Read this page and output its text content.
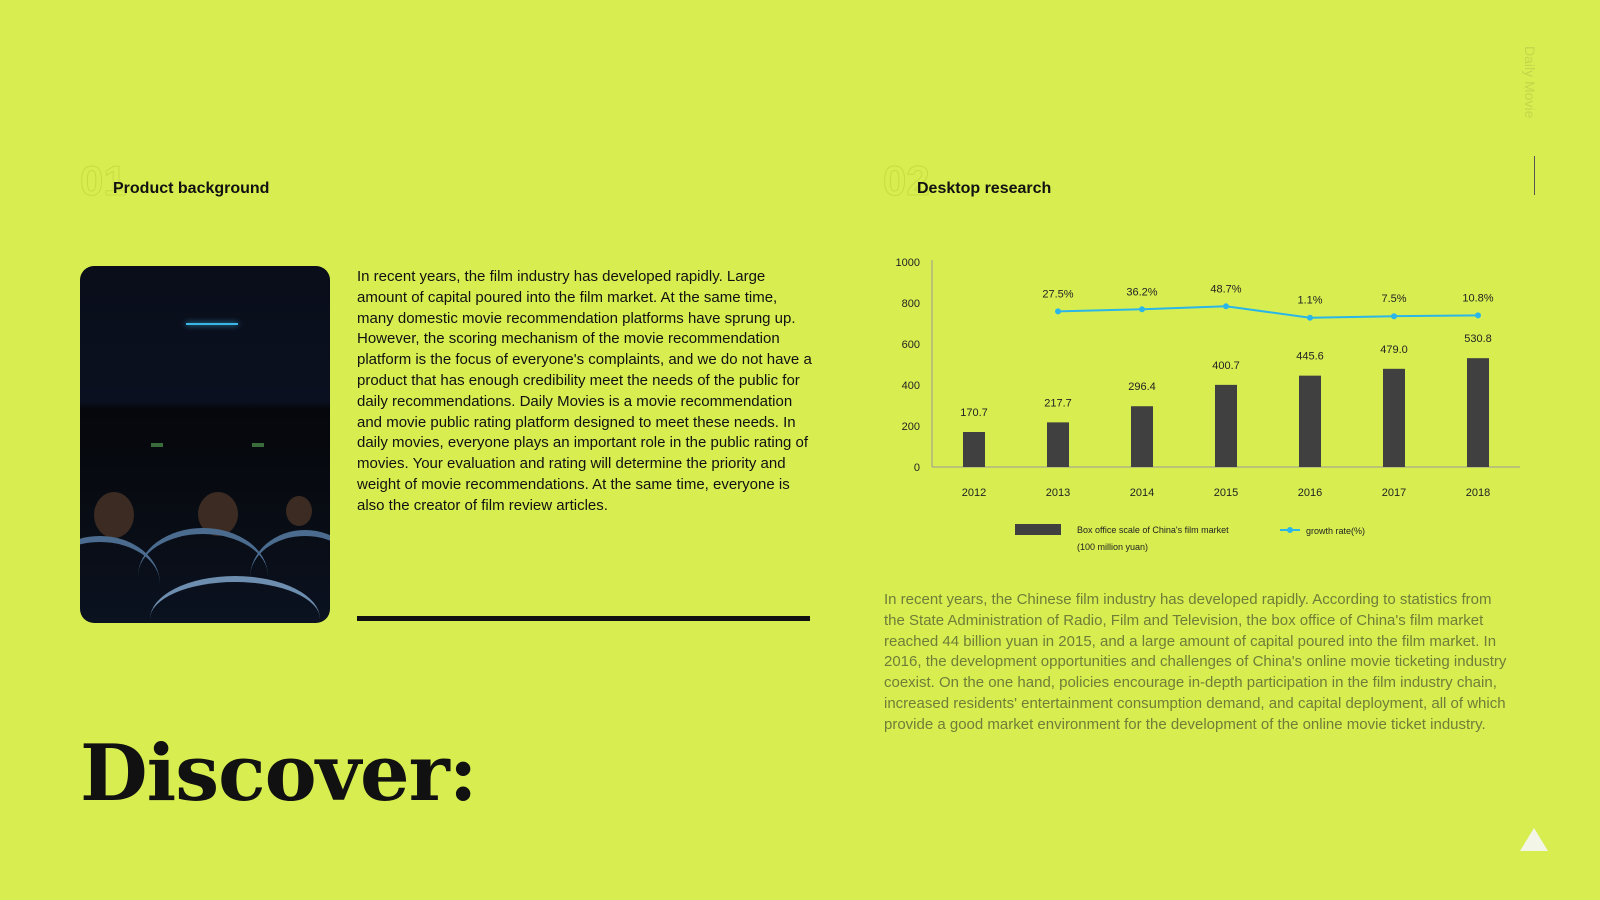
01
Product background	02
Desktop research
In recent years, the film industry has developed rapidly. Large amount of capital poured into the film market. At the same time, many domestic movie recommendation platforms have sprung up. However, the scoring mechanism of the movie recommendation platform is the focus of everyone's complaints, and we do not have a product that has enough credibility meet the needs of the public for daily recommendations. Daily Movies is a movie recommendation and movie public rating platform designed to meet these needs. In daily movies, everyone plays an important role in the public rating of movies. Your evaluation and rating will determine the priority and weight of movie recommendations. At the same time, everyone is also the creator of film review articles.
Discover:
0
200
400
600
800
1000
2012	2013	2014	2015	2016	2017	2018
170.7
217.7
296.4
400.7
445.6
479.0
530.8
27.5%	36.2%	48.7%
1.1%	7.5%	10.8%
Box office scale of China's film market
(100 million yuan)
growth rate(%)
In recent years, the Chinese film industry has developed rapidly. According to statistics from the State Administration of Radio, Film and Television, the box office of China's film market reached 44 billion yuan in 2015, and a large amount of capital poured into the film market. In 2016, the development opportunities and challenges of China's online movie ticketing industry coexist. On the one hand, policies encourage in-depth participation in the film industry chain, increased residents' entertainment consumption demand, and capital deployment, all of which provide a good market environment for the development of the online movie ticket industry.
Daily Movie
